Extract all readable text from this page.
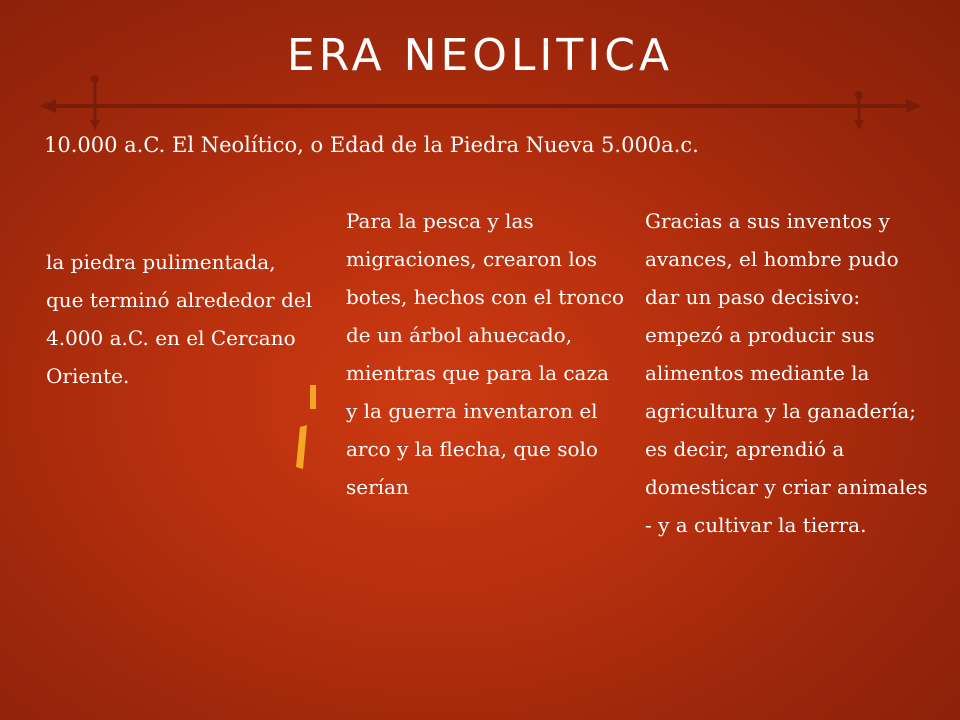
ERA NEOLITICA
10.000 a.C. El Neolítico, o Edad de la Piedra Nueva 5.000a.c.
la piedra pulimentada, que terminó alrededor del 4.000 a.C. en el Cercano Oriente.
Para la pesca y las migraciones, crearon los botes, hechos con el tronco de un árbol ahuecado, mientras que para la caza y la guerra inventaron el arco y la flecha, que solo serían
Gracias a sus inventos y avances, el hombre pudo dar un paso decisivo: empezó a producir sus alimentos mediante la agricultura y la ganadería; es decir, aprendió a domesticar y criar animales - y a cultivar la tierra.
